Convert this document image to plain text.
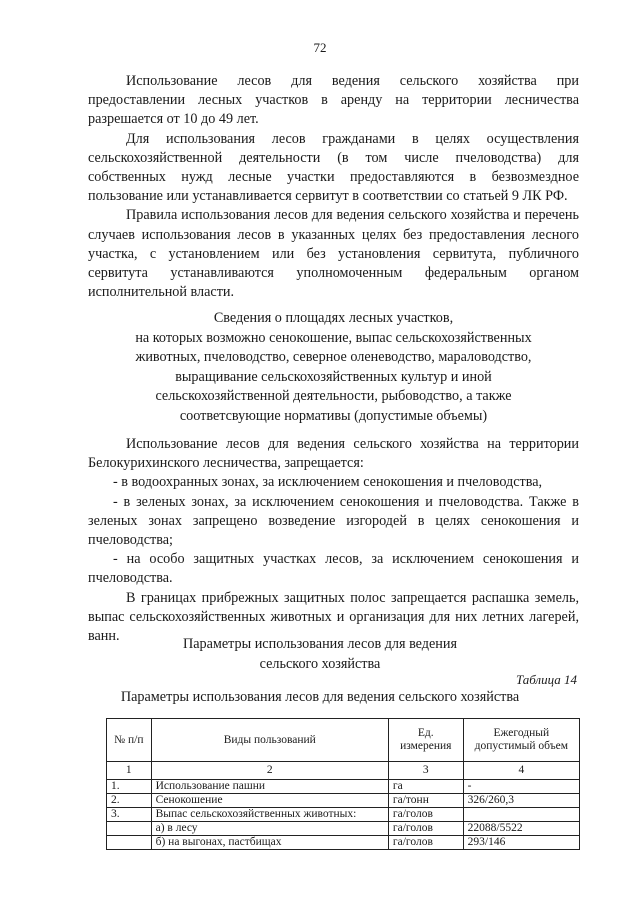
72

Использование лесов для ведения сельского хозяйства при предоставлении лесных участков в аренду на территории лесничества разрешается от 10 до 49 лет.

Для использования лесов гражданами в целях осуществления сельскохозяйственной деятельности (в том числе пчеловодства) для собственных нужд лесные участки предоставляются в безвозмездное пользование или устанавливается сервитут в соответствии со статьей 9 ЛК РФ.

Правила использования лесов для ведения сельского хозяйства и перечень случаев использования лесов в указанных целях без предоставления лесного участка, с установлением или без установления сервитута, публичного сервитута устанавливаются уполномоченным федеральным органом исполнительной власти.

Сведения о площадях лесных участков,
на которых возможно сенокошение, выпас сельскохозяйственных
животных, пчеловодство, северное оленеводство, мараловодство,
выращивание сельскохозяйственных культур и иной
сельскохозяйственной деятельности, рыбоводство, а также
соответсвующие нормативы (допустимые объемы)

Использование лесов для ведения сельского хозяйства на территории Белокурихинского лесничества, запрещается:

- в водоохранных зонах, за исключением сенокошения и пчеловодства,

- в зеленых зонах, за исключением сенокошения и пчеловодства. Также в зеленых зонах запрещено возведение изгородей в целях сенокошения и пчеловодства;

- на особо защитных участках лесов, за исключением сенокошения и пчеловодства.

В границах прибрежных защитных полос запрещается распашка земель, выпас сельскохозяйственных животных и организация для них летних лагерей, ванн.	Параметры использования лесов для ведения
сельского хозяйства
Таблица 14
Параметры использования лесов для ведения сельского хозяйства
№ п/п	Виды пользований	Ед. измерения	Ежегодный допустимый объем
1	2	3	4
1.	Использование пашни	га	-
2.	Сенокошение	га/тонн	326/260,3
3.	Выпас сельскохозяйственных животных:	га/голов	
	а) в лесу	га/голов	22088/5522
	б) на выгонах, пастбищах	га/голов	293/146
